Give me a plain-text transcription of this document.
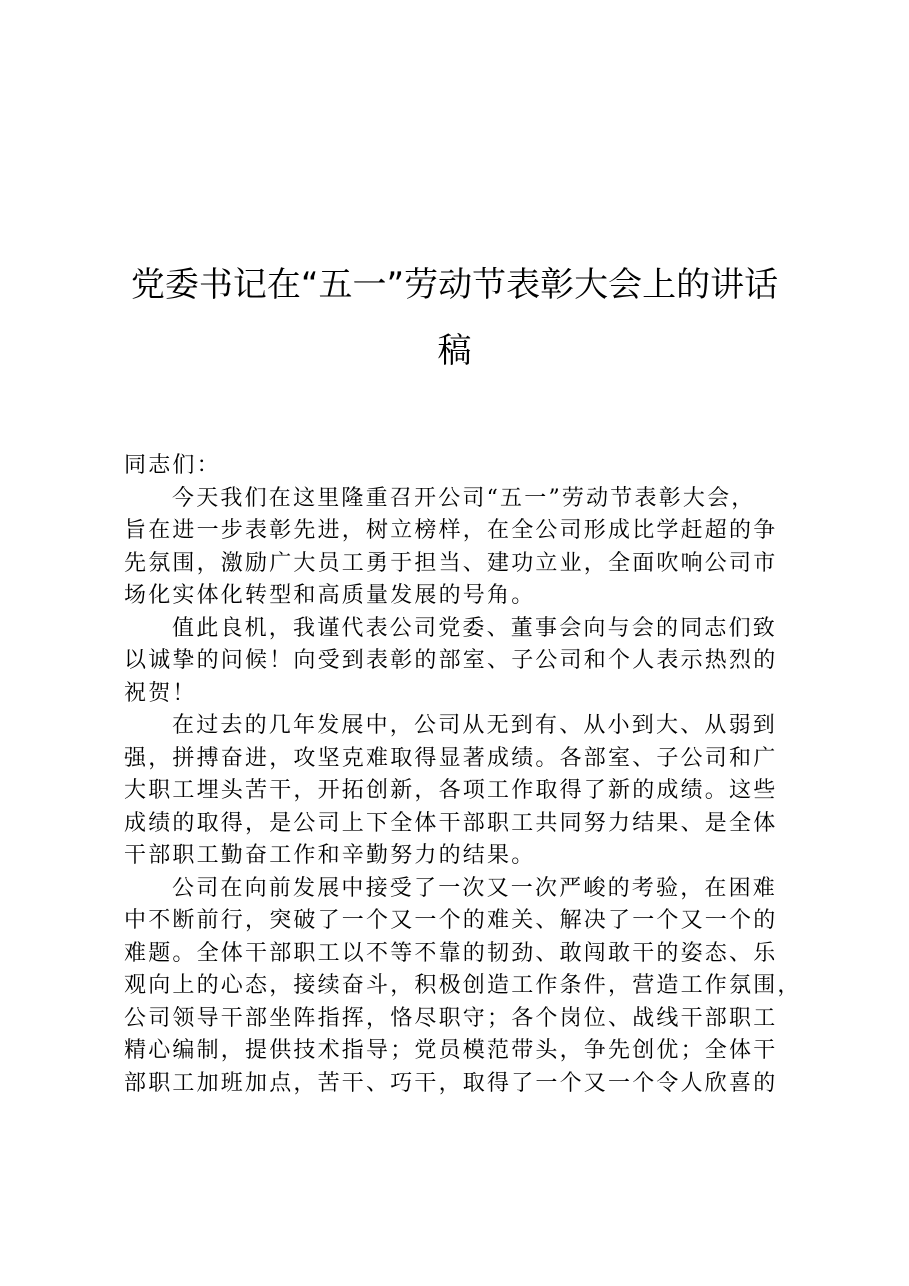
党委书记在“五一”劳动节表彰大会上的讲话
稿
同志们：
今天我们在这里隆重召开公司“五一”劳动节表彰大会，
旨在进一步表彰先进，树立榜样，在全公司形成比学赶超的争
先氛围，激励广大员工勇于担当、建功立业，全面吹响公司市
场化实体化转型和高质量发展的号角。
值此良机，我谨代表公司党委、董事会向与会的同志们致
以诚挚的问候！向受到表彰的部室、子公司和个人表示热烈的
祝贺！
在过去的几年发展中，公司从无到有、从小到大、从弱到
强，拼搏奋进，攻坚克难取得显著成绩。各部室、子公司和广
大职工埋头苦干，开拓创新，各项工作取得了新的成绩。这些
成绩的取得，是公司上下全体干部职工共同努力结果、是全体
干部职工勤奋工作和辛勤努力的结果。
公司在向前发展中接受了一次又一次严峻的考验，在困难
中不断前行，突破了一个又一个的难关、解决了一个又一个的
难题。全体干部职工以不等不靠的韧劲、敢闯敢干的姿态、乐
观向上的心态，接续奋斗，积极创造工作条件，营造工作氛围，
公司领导干部坐阵指挥，恪尽职守；各个岗位、战线干部职工
精心编制，提供技术指导；党员模范带头，争先创优；全体干
部职工加班加点，苦干、巧干，取得了一个又一个令人欣喜的
